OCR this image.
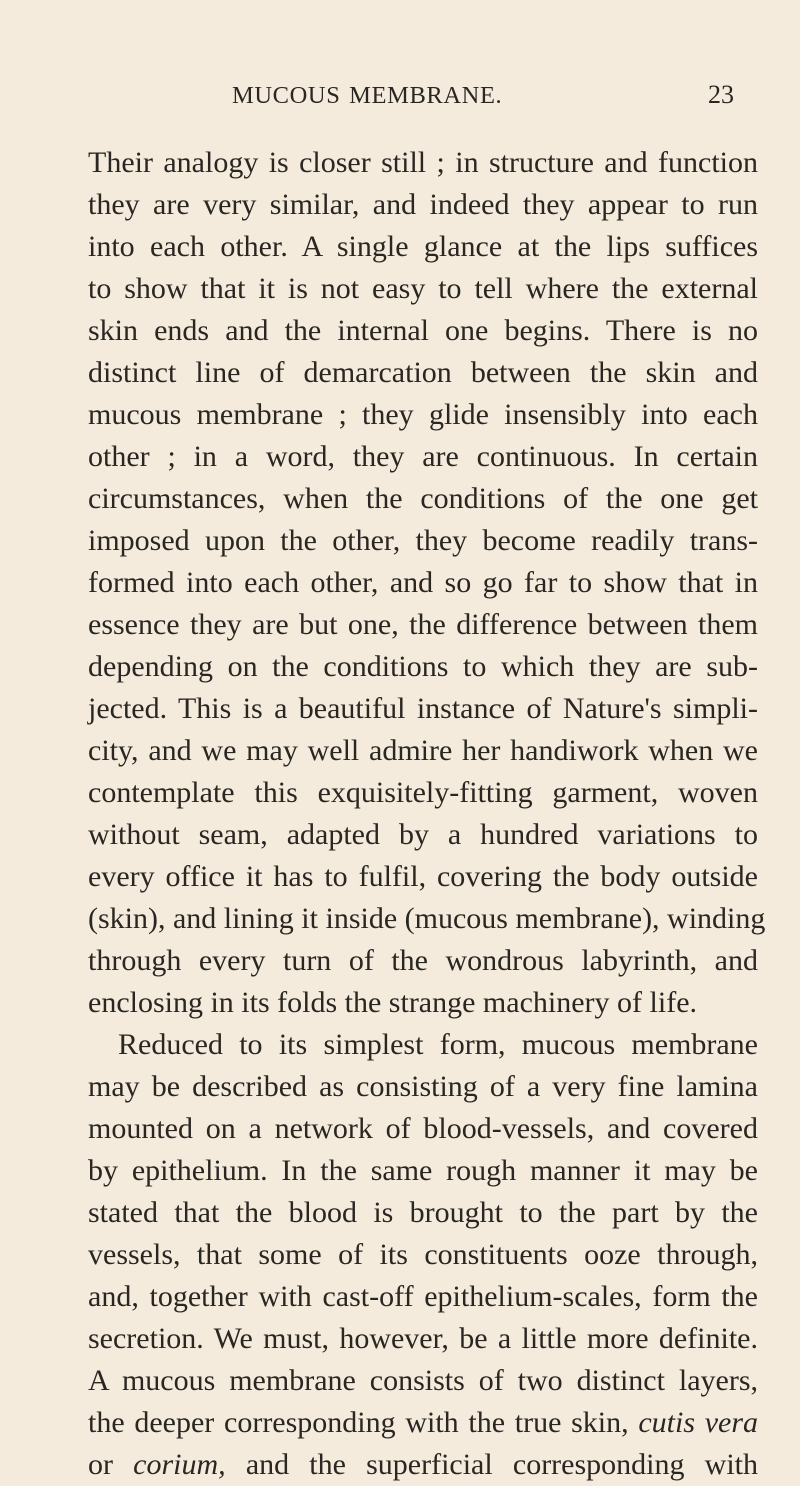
MUCOUS MEMBRANE.	23
Their analogy is closer still ; in structure and function
they are very similar, and indeed they appear to run
into each other. A single glance at the lips suffices
to show that it is not easy to tell where the external
skin ends and the internal one begins. There is no
distinct line of demarcation between the skin and
mucous membrane ; they glide insensibly into each
other ; in a word, they are continuous. In certain
circumstances, when the conditions of the one get
imposed upon the other, they become readily trans-
formed into each other, and so go far to show that in
essence they are but one, the difference between them
depending on the conditions to which they are sub-
jected. This is a beautiful instance of Nature's simpli-
city, and we may well admire her handiwork when we
contemplate this exquisitely-fitting garment, woven
without seam, adapted by a hundred variations to
every office it has to fulfil, covering the body outside
(skin), and lining it inside (mucous membrane), winding
through every turn of the wondrous labyrinth, and
enclosing in its folds the strange machinery of life.
Reduced to its simplest form, mucous membrane
may be described as consisting of a very fine lamina
mounted on a network of blood-vessels, and covered
by epithelium. In the same rough manner it may be
stated that the blood is brought to the part by the
vessels, that some of its constituents ooze through,
and, together with cast-off epithelium-scales, form the
secretion. We must, however, be a little more definite.
A mucous membrane consists of two distinct layers,
the deeper corresponding with the true skin, cutis vera
or corium, and the superficial corresponding with
